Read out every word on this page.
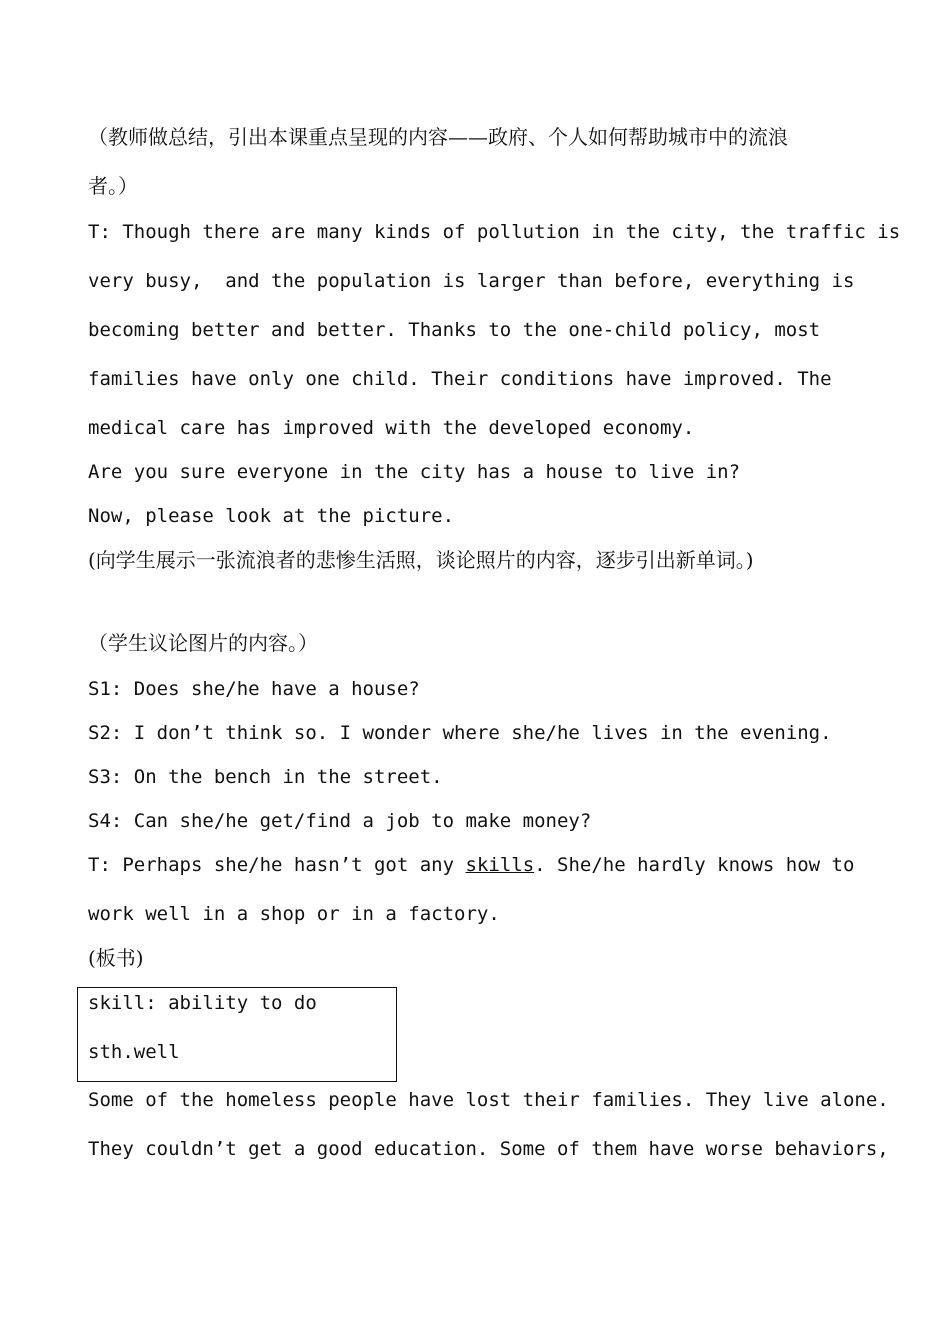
（教师做总结，引出本课重点呈现的内容——政府、个人如何帮助城市中的流浪
者。）
T: Though there are many kinds of pollution in the city, the traffic is
very busy,  and the population is larger than before, everything is
becoming better and better. Thanks to the one-child policy, most
families have only one child. Their conditions have improved. The
medical care has improved with the developed economy.
Are you sure everyone in the city has a house to live in?
Now, please look at the picture.
(向学生展示一张流浪者的悲惨生活照，谈论照片的内容，逐步引出新单词。)
（学生议论图片的内容。）
S1: Does she/he have a house?
S2: I don’t think so. I wonder where she/he lives in the evening.
S3: On the bench in the street.
S4: Can she/he get/find a job to make money?
T: Perhaps she/he hasn’t got any skills. She/he hardly knows how to
work well in a shop or in a factory.
(板书)
skill: ability to do
sth.well
Some of the homeless people have lost their families. They live alone.
They couldn’t get a good education. Some of them have worse behaviors,
